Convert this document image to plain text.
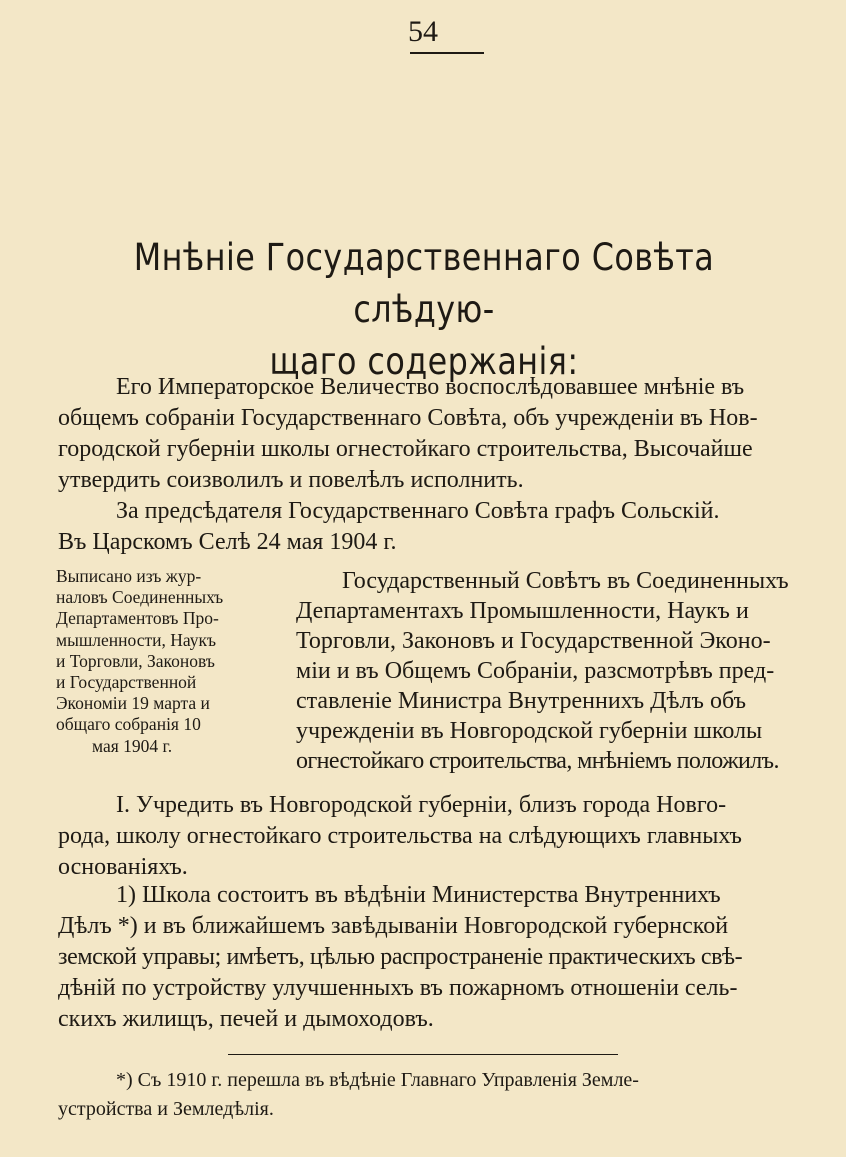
54
Мнѣніе Государственнаго Совѣта слѣдую-
щаго содержанія:
Его Императорское Величество воспослѣдовавшее мнѣніе въ
общемъ собраніи Государственнаго Совѣта, объ учрежденіи въ Нов-
городской губерніи школы огнестойкаго строительства, Высочайше
утвердить соизволилъ и повелѣлъ исполнить.
За предсѣдателя Государственнаго Совѣта графъ Сольскій.
Въ Царскомъ Селѣ 24 мая 1904 г.
Выписано изъ жур-
наловъ Соединенныхъ
Департаментовъ Про-
мышленности, Наукъ
и Торговли, Законовъ
и Государственной
Экономіи 19 марта и
общаго собранія 10
мая 1904 г.
Государственный Совѣтъ въ Соединенныхъ
Департаментахъ Промышленности, Наукъ и
Торговли, Законовъ и Государственной Эконо-
міи и въ Общемъ Собраніи, разсмотрѣвъ пред-
ставленіе Министра Внутреннихъ Дѣлъ объ
учрежденіи въ Новгородской губерніи школы
огнестойкаго строительства, мнѣніемъ положилъ.
I. Учредить въ Новгородской губерніи, близъ города Новго-
рода, школу огнестойкаго строительства на слѣдующихъ главныхъ
основаніяхъ.
1) Школа состоитъ въ вѣдѣніи Министерства Внутреннихъ
Дѣлъ *) и въ ближайшемъ завѣдываніи Новгородской губернской
земской управы; имѣетъ, цѣлью распространеніе практическихъ свѣ-
дѣній по устройству улучшенныхъ въ пожарномъ отношеніи сель-
скихъ жилищъ, печей и дымоходовъ.
*) Съ 1910 г. перешла въ вѣдѣніе Главнаго Управленія Земле-
устройства и Земледѣлія.
